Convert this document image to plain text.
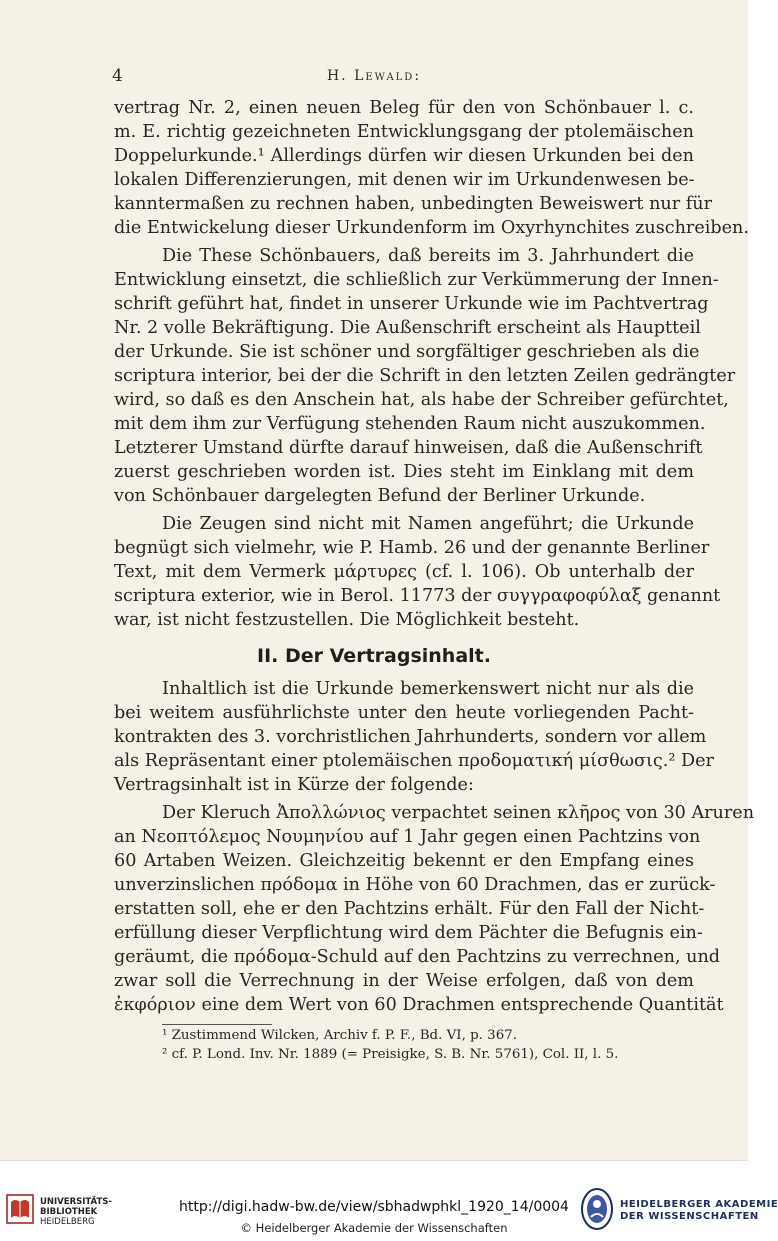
4	H. Lewald:
vertrag Nr. 2, einen neuen Beleg für den von Schönbauer l. c.
m. E. richtig gezeichneten Entwicklungsgang der ptolemäischen
Doppelurkunde.¹ Allerdings dürfen wir diesen Urkunden bei den
lokalen Differenzierungen, mit denen wir im Urkundenwesen be-
kanntermaßen zu rechnen haben, unbedingten Beweiswert nur für
die Entwickelung dieser Urkundenform im Oxyrhynchites zuschreiben.
Die These Schönbauers, daß bereits im 3. Jahrhundert die
Entwicklung einsetzt, die schließlich zur Verkümmerung der Innen-
schrift geführt hat, findet in unserer Urkunde wie im Pachtvertrag
Nr. 2 volle Bekräftigung. Die Außenschrift erscheint als Hauptteil
der Urkunde. Sie ist schöner und sorgfältiger geschrieben als die
scriptura interior, bei der die Schrift in den letzten Zeilen gedrängter
wird, so daß es den Anschein hat, als habe der Schreiber gefürchtet,
mit dem ihm zur Verfügung stehenden Raum nicht auszukommen.
Letzterer Umstand dürfte darauf hinweisen, daß die Außenschrift
zuerst geschrieben worden ist. Dies steht im Einklang mit dem
von Schönbauer dargelegten Befund der Berliner Urkunde.
Die Zeugen sind nicht mit Namen angeführt; die Urkunde
begnügt sich vielmehr, wie P. Hamb. 26 und der genannte Berliner
Text, mit dem Vermerk μάρτυρες (cf. l. 106). Ob unterhalb der
scriptura exterior, wie in Berol. 11773 der συγγραφοφύλαξ genannt
war, ist nicht festzustellen. Die Möglichkeit besteht.
II. Der Vertragsinhalt.
Inhaltlich ist die Urkunde bemerkenswert nicht nur als die
bei weitem ausführlichste unter den heute vorliegenden Pacht-
kontrakten des 3. vorchristlichen Jahrhunderts, sondern vor allem
als Repräsentant einer ptolemäischen προδοματική μίσθωσις.² Der
Vertragsinhalt ist in Kürze der folgende:
Der Kleruch Ἀπολλώνιος verpachtet seinen κλῆρος von 30 Aruren
an Νεοπτόλεμος Νουμηνίου auf 1 Jahr gegen einen Pachtzins von
60 Artaben Weizen. Gleichzeitig bekennt er den Empfang eines
unverzinslichen πρόδομα in Höhe von 60 Drachmen, das er zurück-
erstatten soll, ehe er den Pachtzins erhält. Für den Fall der Nicht-
erfüllung dieser Verpflichtung wird dem Pächter die Befugnis ein-
geräumt, die πρόδομα-Schuld auf den Pachtzins zu verrechnen, und
zwar soll die Verrechnung in der Weise erfolgen, daß von dem
ἐκφόριον eine dem Wert von 60 Drachmen entsprechende Quantität
¹ Zustimmend Wilcken, Archiv f. P. F., Bd. VI, p. 367.
² cf. P. Lond. Inv. Nr. 1889 (= Preisigke, S. B. Nr. 5761), Col. II, l. 5.
UNIVERSITÄTS-
BIBLIOTHEK
HEIDELBERG
http://digi.hadw-bw.de/view/sbhadwphkl_1920_14/0004
© Heidelberger Akademie der Wissenschaften
HEIDELBERGER AKADEMIE
DER WISSENSCHAFTEN
